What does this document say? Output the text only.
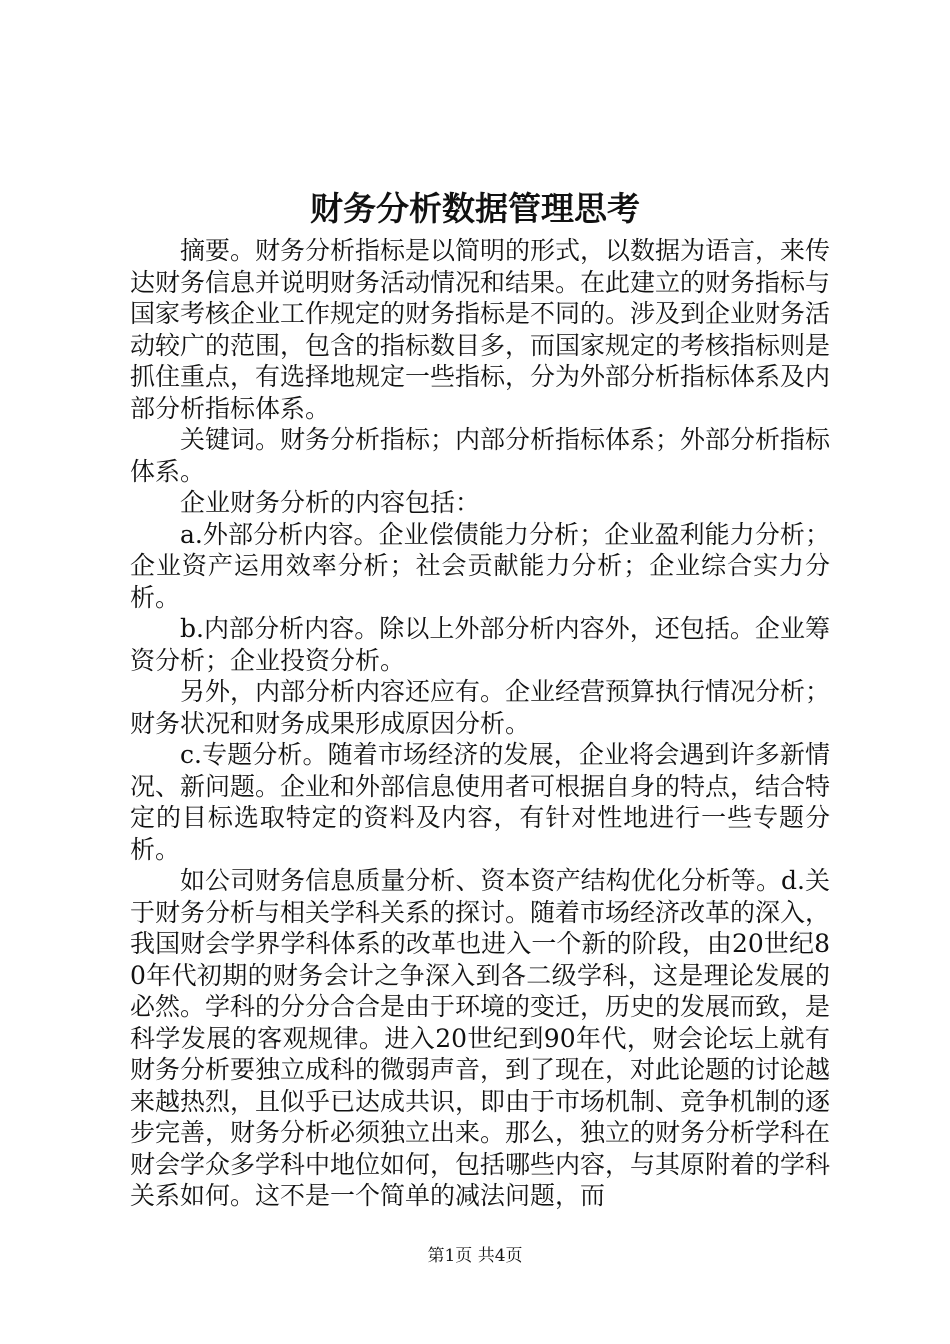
财务分析数据管理思考

摘要。财务分析指标是以简明的形式，以数据为语言，来传达财务信息并说明财务活动情况和结果。在此建立的财务指标与国家考核企业工作规定的财务指标是不同的。涉及到企业财务活动较广的范围，包含的指标数目多，而国家规定的考核指标则是抓住重点，有选择地规定一些指标，分为外部分析指标体系及内部分析指标体系。

关键词。财务分析指标；内部分析指标体系；外部分析指标体系。

企业财务分析的内容包括：

a.外部分析内容。企业偿债能力分析；企业盈利能力分析；企业资产运用效率分析；社会贡献能力分析；企业综合实力分析。

b.内部分析内容。除以上外部分析内容外，还包括。企业筹资分析；企业投资分析。

另外，内部分析内容还应有。企业经营预算执行情况分析；财务状况和财务成果形成原因分析。

c.专题分析。随着市场经济的发展，企业将会遇到许多新情况、新问题。企业和外部信息使用者可根据自身的特点，结合特定的目标选取特定的资料及内容，有针对性地进行一些专题分析。

如公司财务信息质量分析、资本资产结构优化分析等。d.关于财务分析与相关学科关系的探讨。随着市场经济改革的深入，我国财会学界学科体系的改革也进入一个新的阶段，由20世纪80年代初期的财务会计之争深入到各二级学科，这是理论发展的必然。学科的分分合合是由于环境的变迁，历史的发展而致，是科学发展的客观规律。进入20世纪到90年代，财会论坛上就有财务分析要独立成科的微弱声音，到了现在，对此论题的讨论越来越热烈，且似乎已达成共识，即由于市场机制、竞争机制的逐步完善，财务分析必须独立出来。那么，独立的财务分析学科在财会学众多学科中地位如何，包括哪些内容，与其原附着的学科关系如何。这不是一个简单的减法问题，而

第1页 共4页
